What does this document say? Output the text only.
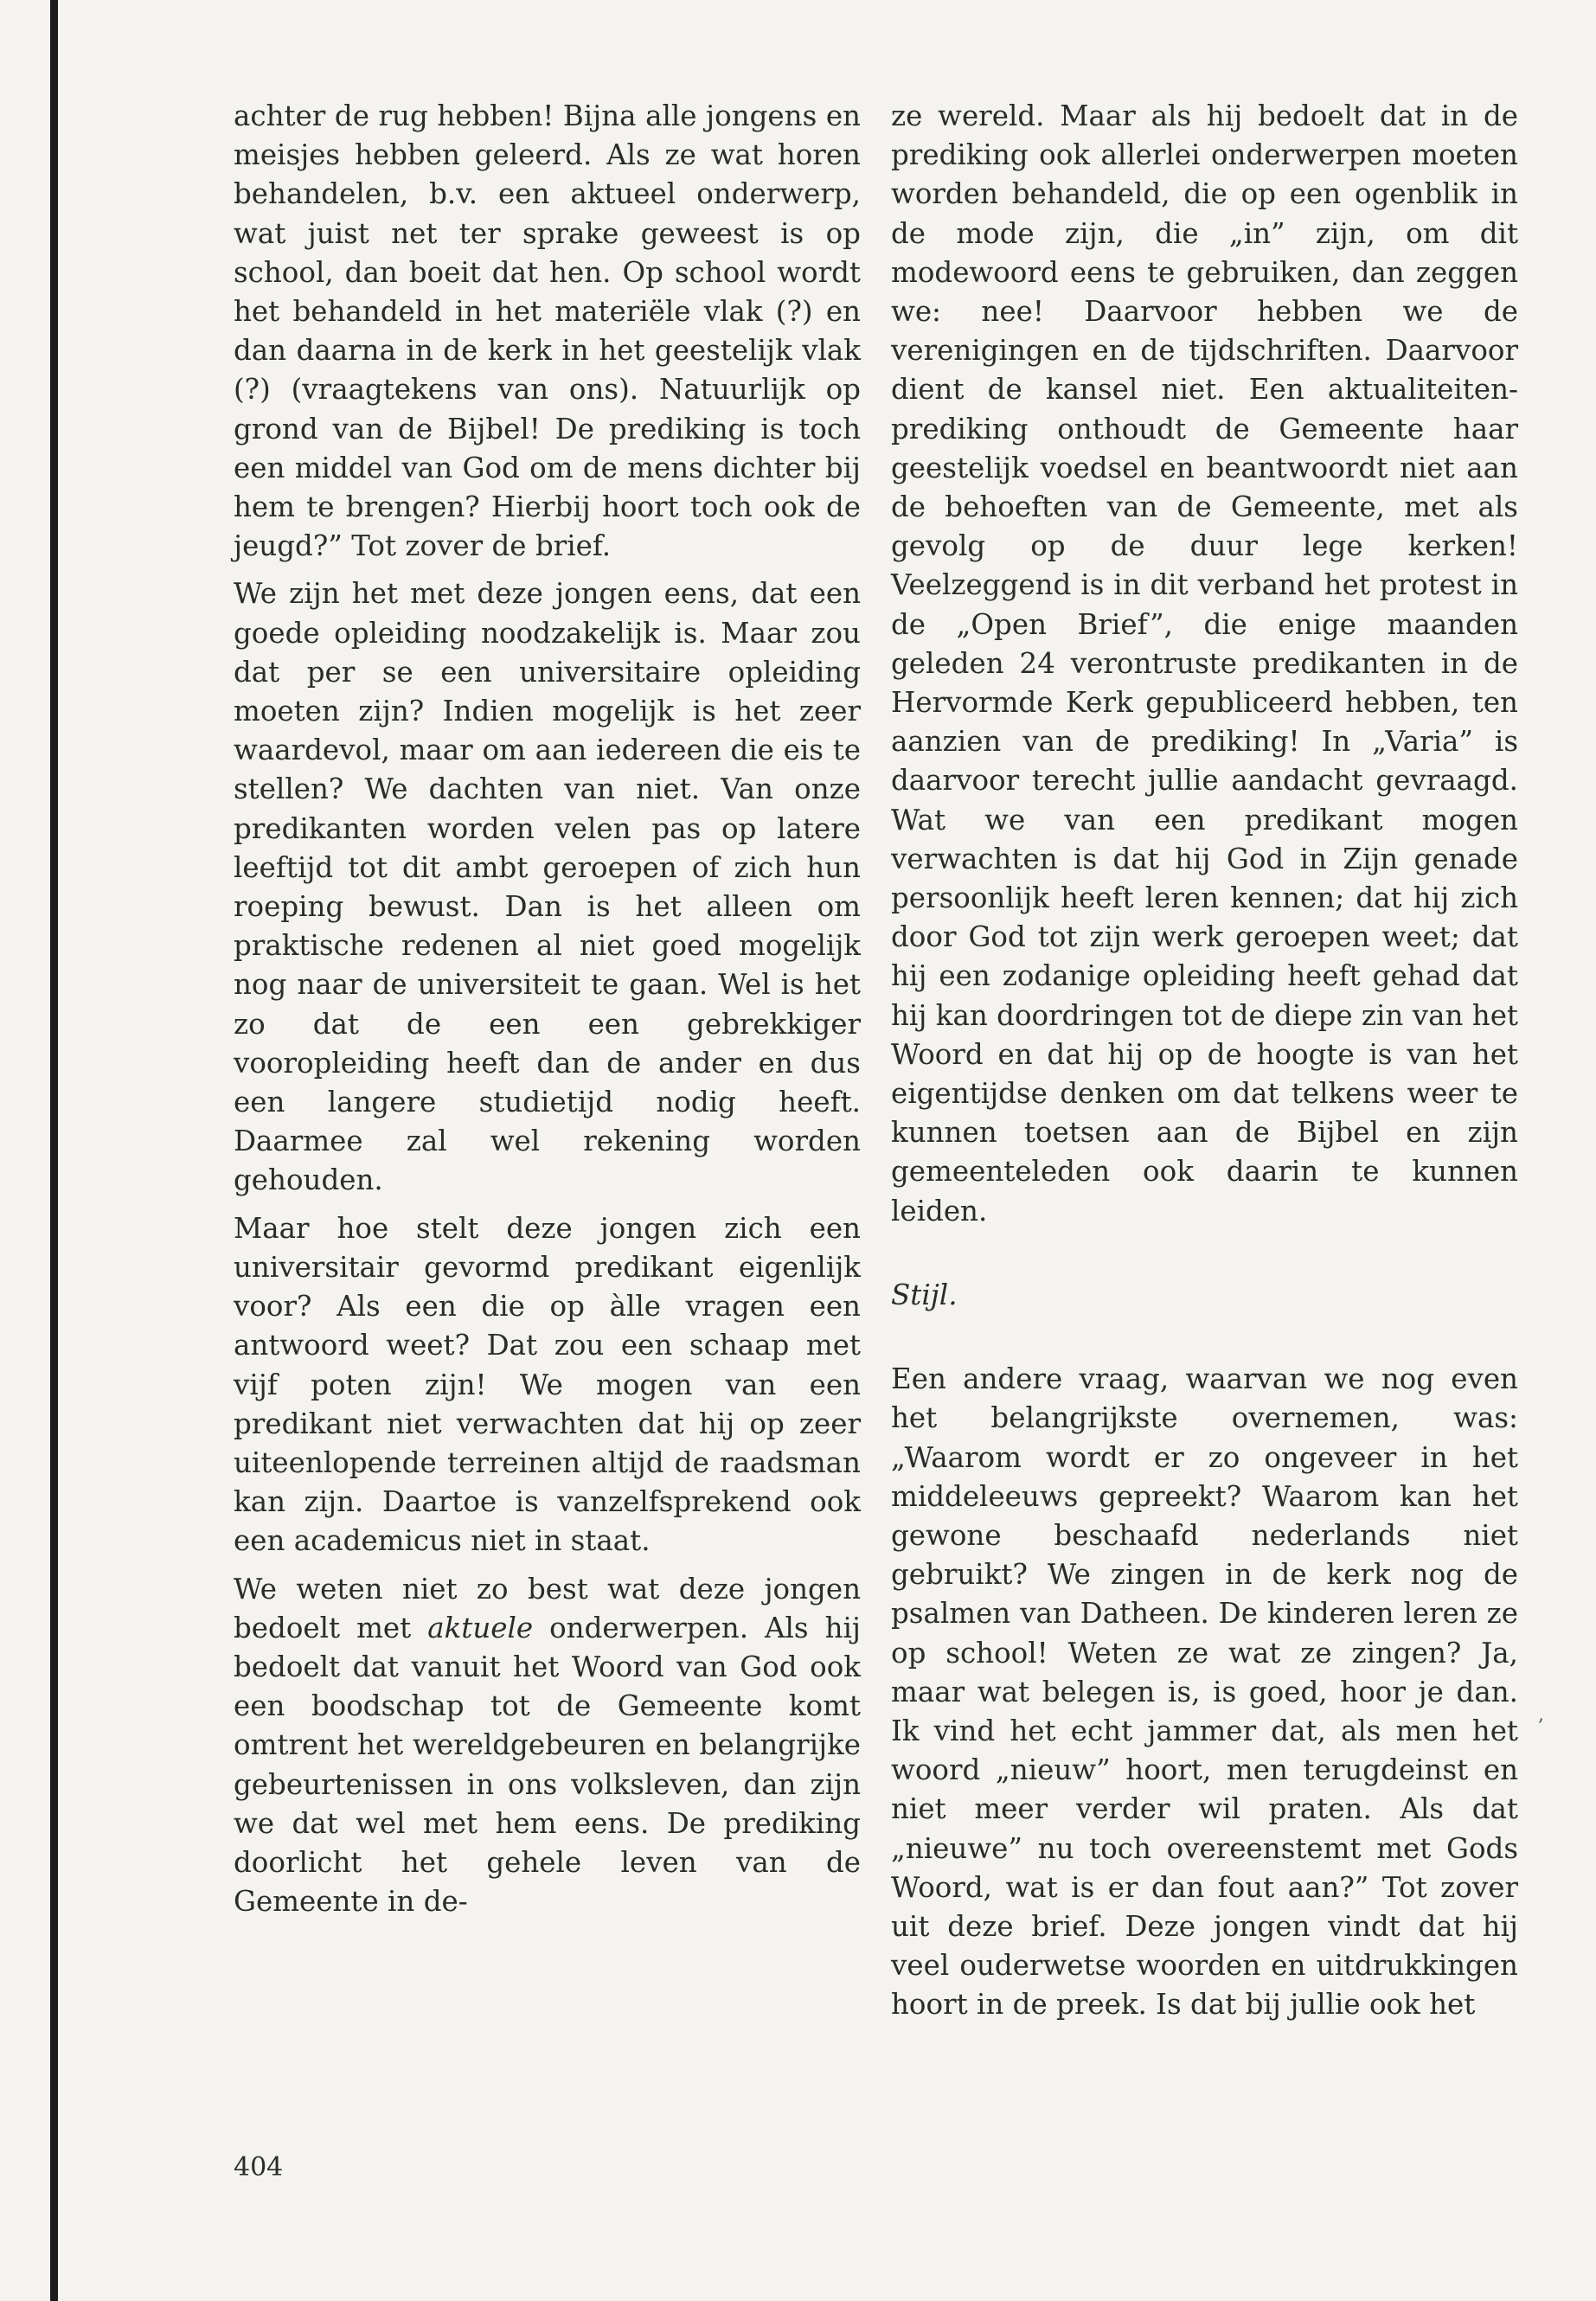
achter de rug hebben! Bijna alle jongens en meisjes hebben geleerd. Als ze wat horen behandelen, b.v. een aktueel onderwerp, wat juist net ter sprake geweest is op school, dan boeit dat hen. Op school wordt het behandeld in het materiële vlak (?) en dan daarna in de kerk in het geestelijk vlak (?) (vraagtekens van ons). Natuurlijk op grond van de Bijbel! De prediking is toch een middel van God om de mens dichter bij hem te brengen? Hierbij hoort toch ook de jeugd?” Tot zover de brief.

We zijn het met deze jongen eens, dat een goede opleiding noodzakelijk is. Maar zou dat per se een universitaire opleiding moeten zijn? Indien mogelijk is het zeer waardevol, maar om aan iedereen die eis te stellen? We dachten van niet. Van onze predikanten worden velen pas op latere leeftijd tot dit ambt geroepen of zich hun roeping bewust. Dan is het alleen om praktische redenen al niet goed mogelijk nog naar de universiteit te gaan. Wel is het zo dat de een een gebrekkiger vooropleiding heeft dan de ander en dus een langere studietijd nodig heeft. Daarmee zal wel rekening worden gehouden.

Maar hoe stelt deze jongen zich een universitair gevormd predikant eigenlijk voor? Als een die op àlle vragen een antwoord weet? Dat zou een schaap met vijf poten zijn! We mogen van een predikant niet verwachten dat hij op zeer uiteenlopende terreinen altijd de raadsman kan zijn. Daartoe is vanzelfsprekend ook een academicus niet in staat.

We weten niet zo best wat deze jongen bedoelt met aktuele onderwerpen. Als hij bedoelt dat vanuit het Woord van God ook een boodschap tot de Gemeente komt omtrent het wereldgebeuren en belangrijke gebeurtenissen in ons volksleven, dan zijn we dat wel met hem eens. De prediking doorlicht het gehele leven van de Gemeente in de-

ze wereld. Maar als hij bedoelt dat in de prediking ook allerlei onderwerpen moeten worden behandeld, die op een ogenblik in de mode zijn, die „in” zijn, om dit modewoord eens te gebruiken, dan zeggen we: nee! Daarvoor hebben we de verenigingen en de tijdschriften. Daarvoor dient de kansel niet. Een aktualiteiten-prediking onthoudt de Gemeente haar geestelijk voedsel en beantwoordt niet aan de behoeften van de Gemeente, met als gevolg op de duur lege kerken! Veelzeggend is in dit verband het protest in de „Open Brief”, die enige maanden geleden 24 verontruste predikanten in de Hervormde Kerk gepubliceerd hebben, ten aanzien van de prediking! In „Varia” is daarvoor terecht jullie aandacht gevraagd. Wat we van een predikant mogen verwachten is dat hij God in Zijn genade persoonlijk heeft leren kennen; dat hij zich door God tot zijn werk geroepen weet; dat hij een zodanige opleiding heeft gehad dat hij kan doordringen tot de diepe zin van het Woord en dat hij op de hoogte is van het eigentijdse denken om dat telkens weer te kunnen toetsen aan de Bijbel en zijn gemeenteleden ook daarin te kunnen leiden.

Stijl.

Een andere vraag, waarvan we nog even het belangrijkste overnemen, was: „Waarom wordt er zo ongeveer in het middeleeuws gepreekt? Waarom kan het gewone beschaafd nederlands niet gebruikt? We zingen in de kerk nog de psalmen van Datheen. De kinderen leren ze op school! Weten ze wat ze zingen? Ja, maar wat belegen is, is goed, hoor je dan. Ik vind het echt jammer dat, als men het woord „nieuw” hoort, men terugdeinst en niet meer verder wil praten. Als dat „nieuwe” nu toch overeenstemt met Gods Woord, wat is er dan fout aan?” Tot zover uit deze brief. Deze jongen vindt dat hij veel ouderwetse woorden en uitdrukkingen hoort in de preek. Is dat bij jullie ook het

404
,
